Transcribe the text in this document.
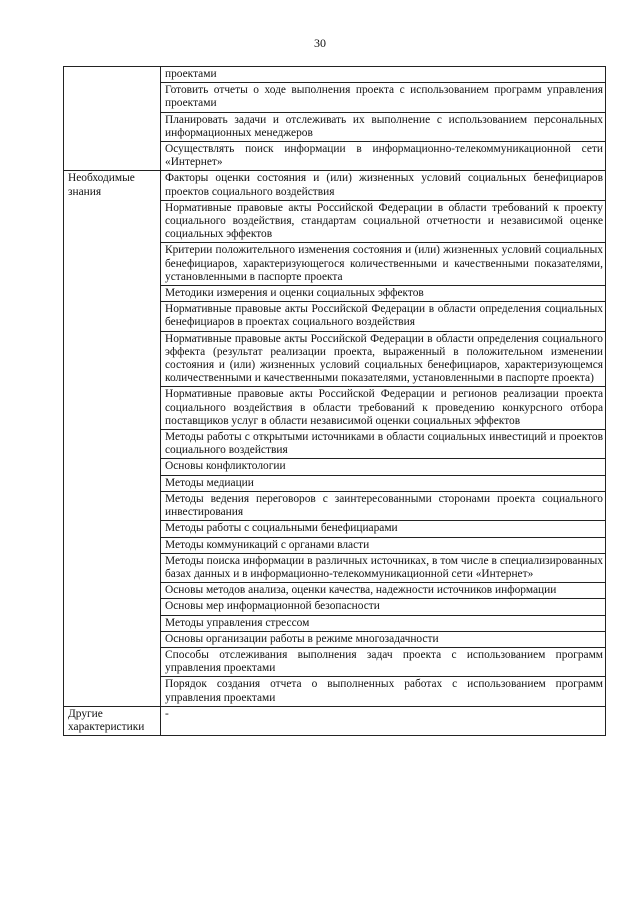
30
	проектами
	Готовить отчеты о ходе выполнения проекта с использованием программ управления проектами
	Планировать задачи и отслеживать их выполнение с использованием персональных информационных менеджеров
	Осуществлять поиск информации в информационно-телекоммуникационной сети «Интернет»
Необходимые знания	Факторы оценки состояния и (или) жизненных условий социальных бенефициаров проектов социального воздействия
	Нормативные правовые акты Российской Федерации в области требований к проекту социального воздействия, стандартам социальной отчетности и независимой оценке социальных эффектов
	Критерии положительного изменения состояния и (или) жизненных условий социальных бенефициаров, характеризующегося количественными и качественными показателями, установленными в паспорте проекта
	Методики измерения и оценки социальных эффектов
	Нормативные правовые акты Российской Федерации в области определения социальных бенефициаров в проектах социального воздействия
	Нормативные правовые акты Российской Федерации в области определения социального эффекта (результат реализации проекта, выраженный в положительном изменении состояния и (или) жизненных условий социальных бенефициаров, характеризующемся количественными и качественными показателями, установленными в паспорте проекта)
	Нормативные правовые акты Российской Федерации и регионов реализации проекта социального воздействия в области требований к проведению конкурсного отбора поставщиков услуг в области независимой оценки социальных эффектов
	Методы работы с открытыми источниками в области социальных инвестиций и проектов социального воздействия
	Основы конфликтологии
	Методы медиации
	Методы ведения переговоров с заинтересованными сторонами проекта социального инвестирования
	Методы работы с социальными бенефициарами
	Методы коммуникаций с органами власти
	Методы поиска информации в различных источниках, в том числе в специализированных базах данных и в информационно-телекоммуникационной сети «Интернет»
	Основы методов анализа, оценки качества, надежности источников информации
	Основы мер информационной безопасности
	Методы управления стрессом
	Основы организации работы в режиме многозадачности
	Способы отслеживания выполнения задач проекта с использованием программ управления проектами
	Порядок создания отчета о выполненных работах с использованием программ управления проектами
Другие характеристики	-
